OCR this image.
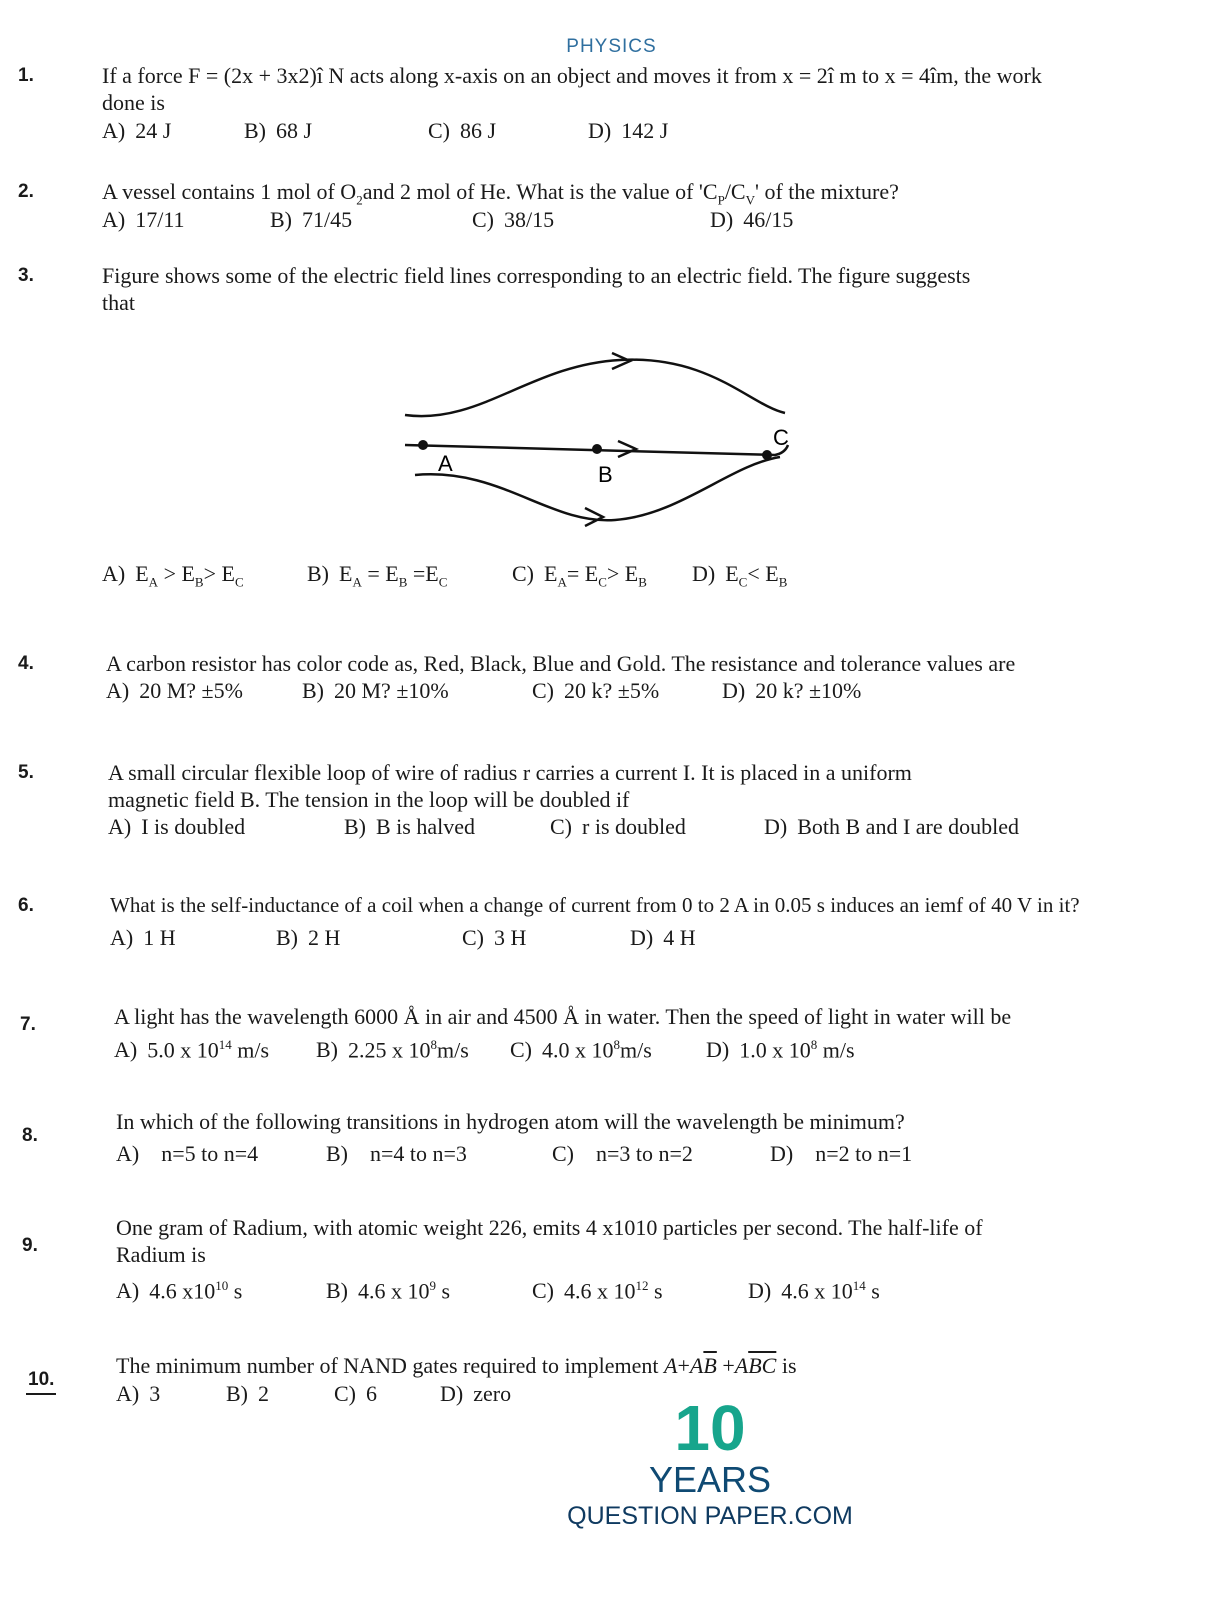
PHYSICS
1.	If a force F = (2x + 3x2)î N acts along x-axis on an object and moves it from x = 2î m to x = 4îm, the work done is
A) 24 J	B) 68 J	C) 86 J	D) 142 J
2.	A vessel contains 1 mol of $O_2and$ 2 mol of He. What is the value of '$C_P/C_V$' of the mixture?
A) 17/11	B) 71/45	C) 38/15	D) 46/15
3.	Figure shows some of the electric field lines corresponding to an electric field. The figure suggests that
A	B
C
A) $E_A > E_B> E_C$	B) $E_A = E_B =E_C$	C) $E_A= E_C> E_B$ D) $E_C< E_B$
4.	A carbon resistor has color code as, Red, Black, Blue and Gold. The resistance and tolerance values are
A) 20 M? ±5%	B) 20 M? ±10%	C) 20 k? ±5%	D) 20 k? ±10%
5.	A small circular flexible loop of wire of radius r carries a current I. It is placed in a uniform magnetic field B. The tension in the loop will be doubled if
A) I is doubled	B) B is halved	C) r is doubled	D) Both B and I are doubled
6.	What is the self-inductance of a coil when a change of current from 0 to 2 A in 0.05 s induces an iemf of 40 V in it?
A) 1 H	B) 2 H	C) 3 H	D) 4 H
7.	A light has the wavelength 6000 Å in air and 4500 Å in water. Then the speed of light in water will be
A) 5.0 x $10^{14}$ m/s B) 2.25 x $10^8m/s$ C) 4.0 x $10^8m/s$ D) 1.0 x $10^8$ m/s
8.
In which of the following transitions in hydrogen atom will the wavelength be minimum?
A) n=5 to n=4	B) n=4 to n=3	C) n=3 to n=2	D) n=2 to n=1
9.
One gram of Radium, with atomic weight 226, emits 4 x1010 particles per second. The half-life of Radium is
A) 4.6 $x10^{10}$ s	B) 4.6 x $10^9$ s	C) 4.6 x $10^{12}$ s	D) 4.6 x $10^{14}$ s
10.
The minimum number of NAND gates required to implement $A+A\overline{B} +A\overline{BC}$ is
A) 3	B) 2	C) 6	D) zero	10
YEARS
QUESTION PAPER.COM
